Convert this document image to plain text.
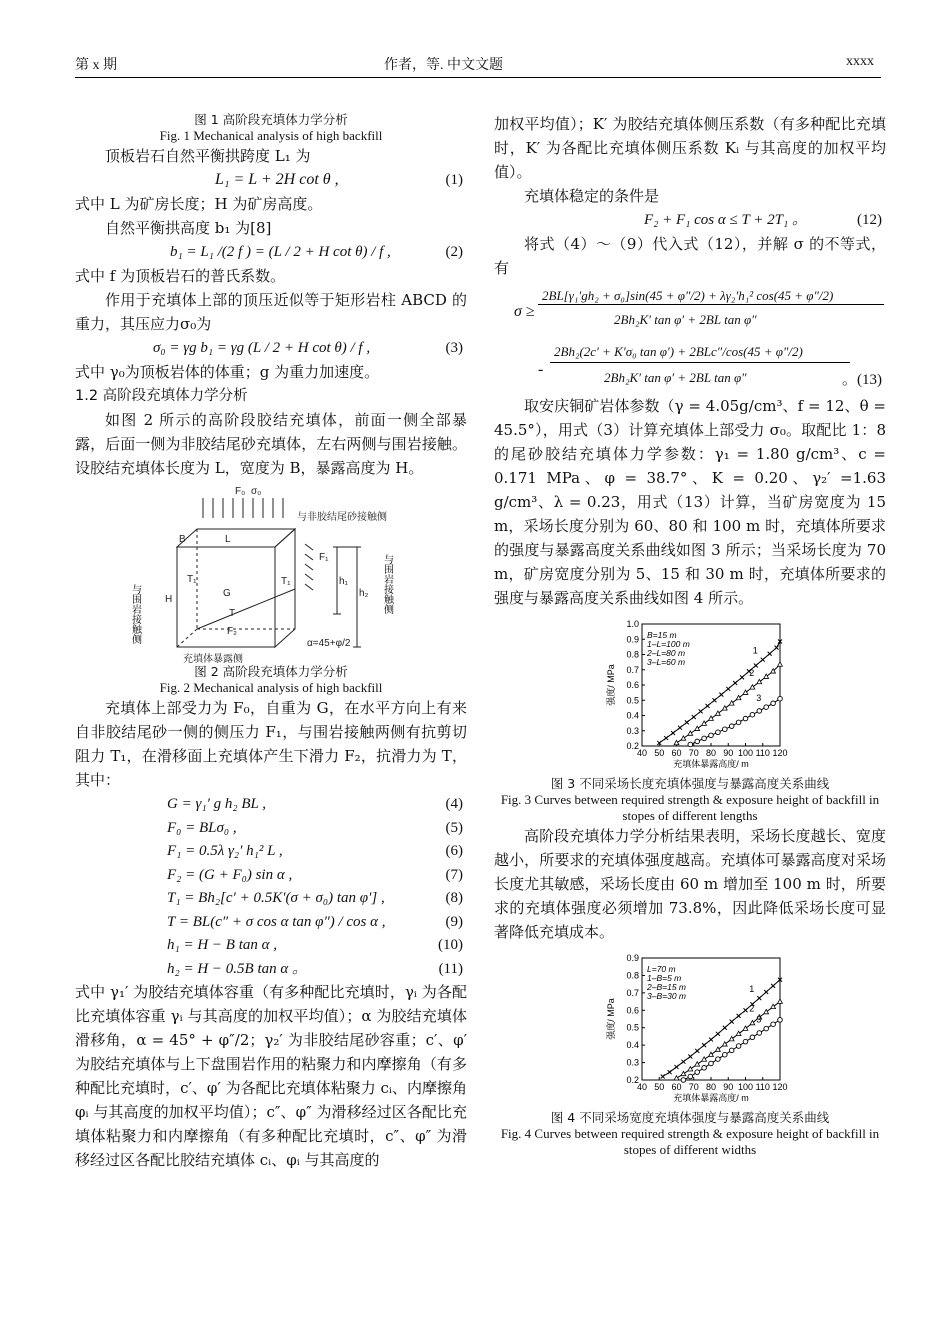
第 x 期	作者，等. 中文文题	xxxx
图 1 高阶段充填体力学分析
Fig. 1 Mechanical analysis of high backfill

顶板岩石自然平衡拱跨度 L₁ 为

L₁ = L + 2H cot θ ,	(1)

式中 L 为矿房长度；H 为矿房高度。

自然平衡拱高度 b₁ 为[8]

b₁ = L₁ /(2 f ) = (L / 2 + H cot θ) / f ,	(2)

式中 f 为顶板岩石的普氏系数。

作用于充填体上部的顶压近似等于矩形岩柱 ABCD 的重力，其压应力σ₀为

σ₀ = γg b₁ = γg (L / 2 + H cot θ) / f ,	(3)

式中 γ₀为顶板岩体的体重；g 为重力加速度。

1.2 高阶段充填体力学分析

如图 2 所示的高阶段胶结充填体，前面一侧全部暴露，后面一侧为非胶结尾砂充填体，左右两侧与围岩接触。设胶结充填体长度为 L，宽度为 B，暴露高度为 H。

F₀ σ₀
L
B
H
G
T₁	T₁
T
F₁
F₂
h₁
h₂
α=45+φ/2
与非胶结尾砂接触侧
充填体暴露侧
与围岩接触侧	与围岩接触侧
图 2 高阶段充填体力学分析
Fig. 2 Mechanical analysis of high backfill

充填体上部受力为 F₀，自重为 G，在水平方向上有来自非胶结尾砂一侧的侧压力 F₁，与围岩接触两侧有抗剪切阻力 T₁，在滑移面上充填体产生下滑力 F₂，抗滑力为 T，其中：

G = γ₁′ g h₂ BL ,	(4)
F₀ = BLσ₀ ,	(5)
F₁ = 0.5λ γ₂′ h₁² L ,	(6)
F₂ = (G + F₀) sin α ,	(7)
T₁ = Bh₂[c′ + 0.5K′(σ + σ₀) tan φ′] ,	(8)
T = BL(c″ + σ cos α tan φ″) / cos α ,	(9)
h₁ = H − B tan α ,	(10)
h₂ = H − 0.5B tan α 。	(11)

式中 γ₁′ 为胶结充填体容重（有多种配比充填时，γᵢ 为各配比充填体容重 γᵢ 与其高度的加权平均值）；α 为胶结充填体滑移角，α = 45° + φ″/2；γ₂′ 为非胶结尾砂容重；c′、φ′ 为胶结充填体与上下盘围岩作用的粘聚力和内摩擦角（有多种配比充填时，c′、φ′ 为各配比充填体粘聚力 cᵢ、内摩擦角 φᵢ 与其高度的加权平均值）；c″、φ″ 为滑移经过区各配比充填体粘聚力和内摩擦角（有多种配比充填时，c″、φ″ 为滑移经过区各配比胶结充填体 cᵢ、φᵢ 与其高度的

加权平均值）；K′ 为胶结充填体侧压系数（有多种配比充填时，K′ 为各配比充填体侧压系数 Kᵢ 与其高度的加权平均值）。

充填体稳定的条件是

F₂ + F₁ cos α ≤ T + 2T₁ 。	(12)

将式（4）～（9）代入式（12），并解 σ 的不等式，有

σ ≥
2BL[γ₁′gh₂ + σ₀]sin(45 + φ″/2) + λγ₂′h₁² cos(45 + φ″/2)
2Bh₂K′ tan φ′ + 2BL tan φ″
-
2Bh₂(2c′ + K′σ₀ tan φ′) + 2BLc″/cos(45 + φ″/2)
2Bh₂K′ tan φ′ + 2BL tan φ″	。(13)

取安庆铜矿岩体参数（γ = 4.05g/cm³、f = 12、θ = 45.5°），用式（3）计算充填体上部受力 σ₀。取配比 1：8 的尾砂胶结充填体力学参数：γ₁ = 1.80 g/cm³、c = 0.171 MPa、φ = 38.7°、K = 0.20、γ₂′ =1.63 g/cm³、λ = 0.23，用式（13）计算，当矿房宽度为 15 m，采场长度分别为 60、80 和 100 m 时，充填体所要求的强度与暴露高度关系曲线如图 3 所示；当采场长度为 70 m，矿房宽度分别为 5、15 和 30 m 时，充填体所要求的强度与暴露高度关系曲线如图 4 所示。

40 50 60 70 80 90 100 110 120
0.2
0.3
0.4
0.5
0.6
0.7
0.8
0.9
1.0
充填体暴露高度/ m
强度/ MPa
B=15 m
1–L=100 m
2–L=80 m
3–L=60 m
1
2
3
图 3 不同采场长度充填体强度与暴露高度关系曲线
Fig. 3 Curves between required strength & exposure height of backfill in stopes of different lengths

高阶段充填体力学分析结果表明，采场长度越长、宽度越小，所要求的充填体强度越高。充填体可暴露高度对采场长度尤其敏感，采场长度由 60 m 增加至 100 m 时，所要求的充填体强度必须增加 73.8%，因此降低采场长度可显著降低充填成本。

40 50 60 70 80 90 100 110 120
0.2
0.3
0.4
0.5
0.6
0.7
0.8
0.9
充填体暴露高度/ m
强度/ MPa
L=70 m
1–B=5 m
2–B=15 m
3–B=30 m
1
2
3
图 4 不同采场宽度充填体强度与暴露高度关系曲线
Fig. 4 Curves between required strength & exposure height of backfill in stopes of different widths
